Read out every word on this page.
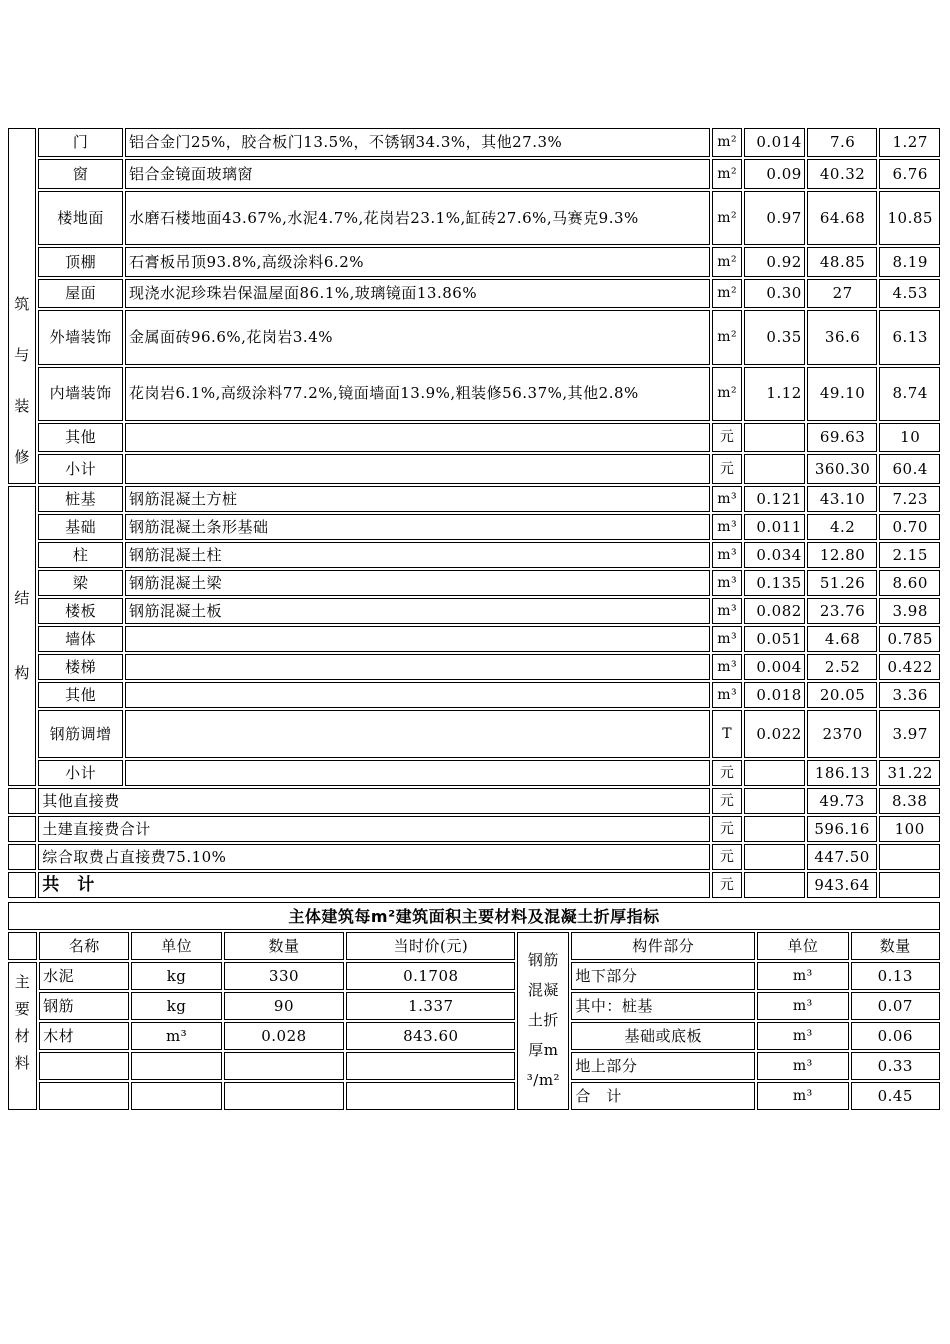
筑
与
装
修	门	铝合金门25%，胶合板门13.5%，不锈钢34.3%，其他27.3%	m²	0.014	7.6	1.27
	窗	铝合金镜面玻璃窗	m²	0.09	40.32	6.76
	楼地面	水磨石楼地面43.67%,水泥4.7%,花岗岩23.1%,缸砖27.6%,马赛克9.3%	m²	0.97	64.68	10.85
	顶棚	石膏板吊顶93.8%,高级涂料6.2%	m²	0.92	48.85	8.19
	屋面	现浇水泥珍珠岩保温屋面86.1%,玻璃镜面13.86%	m²	0.30	27	4.53
	外墙装饰	金属面砖96.6%,花岗岩3.4%	m²	0.35	36.6	6.13
	内墙装饰	花岗岩6.1%,高级涂料77.2%,镜面墙面13.9%,粗装修56.37%,其他2.8%	m²	1.12	49.10	8.74
	其他		元		69.63	10
	小计		元		360.30	60.4

结
构	桩基	钢筋混凝土方桩	m³	0.121	43.10	7.23
	基础	钢筋混凝土条形基础	m³	0.011	4.2	0.70
	柱	钢筋混凝土柱	m³	0.034	12.80	2.15
	梁	钢筋混凝土梁	m³	0.135	51.26	8.60
	楼板	钢筋混凝土板	m³	0.082	23.76	3.98
	墙体		m³	0.051	4.68	0.785
	楼梯		m³	0.004	2.52	0.422
	其他		m³	0.018	20.05	3.36
	钢筋调增		T	0.022	2370	3.97
	小计		元		186.13	31.22
	其他直接费		元		49.73	8.38
	土建直接费合计		元		596.16	100
	综合取费占直接费75.10%		元		447.50	
	共　计		元		943.64	
主体建筑每m²建筑面积主要材料及混凝土折厚指标								
	名称	单位	数量	当时价(元)	钢筋混凝土折厚m³/m²	构件部分	单位	数量

主要材料	水泥	kg	330	0.1708		地下部分	m³	0.13
	钢筋	kg	90	1.337		其中：桩基	m³	0.07
	木材	m³	0.028	843.60		基础或底板	m³	0.06
						地上部分	m³	0.33
						合　计	m³	0.45
